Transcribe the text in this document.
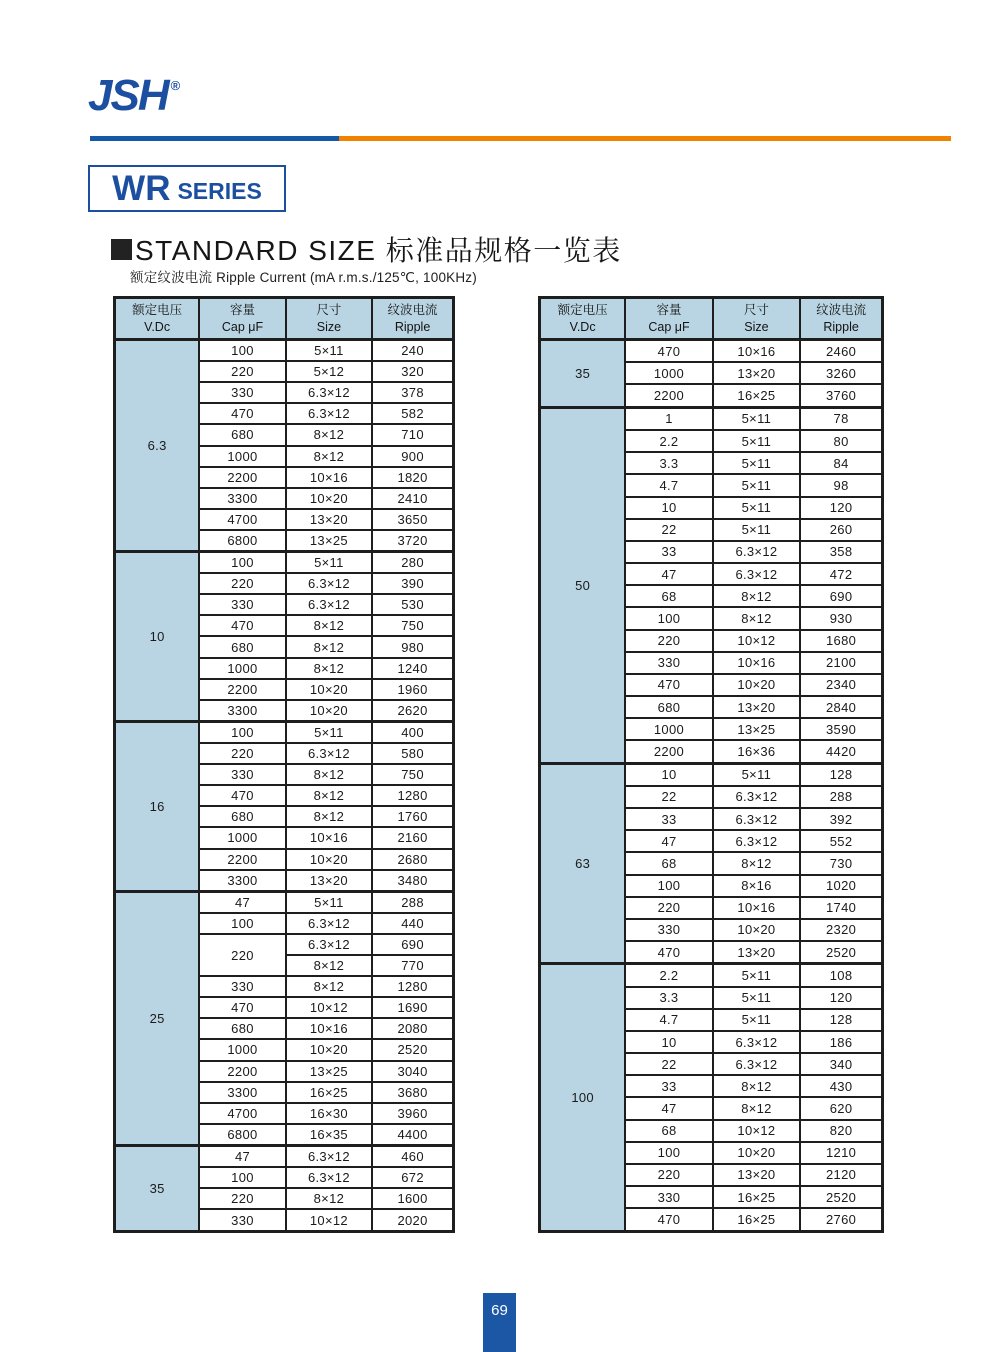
JSH ®
WR SERIES
STANDARD SIZE 标准品规格一览表

额定纹波电流 Ripple Current (mA r.m.s./125℃, 100KHz)

额定电压
V.Dc

容量
Cap μF

尺寸
Size

纹波电流
Ripple

6.3	100	5×11	240
	220	5×12	320
	330	6.3×12	378
	470	6.3×12	582
	680	8×12	710
	1000	8×12	900
	2200	10×16	1820
	3300	10×20	2410
	4700	13×20	3650
	6800	13×25	3720
10	100	5×11	280
	220	6.3×12	390
	330	6.3×12	530
	470	8×12	750
	680	8×12	980
	1000	8×12	1240
	2200	10×20	1960
	3300	10×20	2620
16	100	5×11	400
	220	6.3×12	580
	330	8×12	750
	470	8×12	1280
	680	8×12	1760
	1000	10×16	2160
	2200	10×20	2680
	3300	13×20	3480
25	47	5×11	288
	100	6.3×12	440
	220	6.3×12	690
		8×12	770
	330	8×12	1280
	470	10×12	1690
	680	10×16	2080
	1000	10×20	2520
	2200	13×25	3040
	3300	16×25	3680
	4700	16×30	3960
	6800	16×35	4400
35	47	6.3×12	460
	100	6.3×12	672
	220	8×12	1600
	330	10×12	2020
额定电压
V.Dc

容量
Cap μF

尺寸
Size

纹波电流
Ripple

35	470	10×16	2460
	1000	13×20	3260
	2200	16×25	3760
50	1	5×11	78
	2.2	5×11	80
	3.3	5×11	84
	4.7	5×11	98
	10	5×11	120
	22	5×11	260
	33	6.3×12	358
	47	6.3×12	472
	68	8×12	690
	100	8×12	930
	220	10×12	1680
	330	10×16	2100
	470	10×20	2340
	680	13×20	2840
	1000	13×25	3590
	2200	16×36	4420
63	10	5×11	128
	22	6.3×12	288
	33	6.3×12	392
	47	6.3×12	552
	68	8×12	730
	100	8×16	1020
	220	10×16	1740
	330	10×20	2320
	470	13×20	2520
100	2.2	5×11	108
	3.3	5×11	120
	4.7	5×11	128
	10	6.3×12	186
	22	6.3×12	340
	33	8×12	430
	47	8×12	620
	68	10×12	820
	100	10×20	1210
	220	13×20	2120
	330	16×25	2520
	470	16×25	2760
69
